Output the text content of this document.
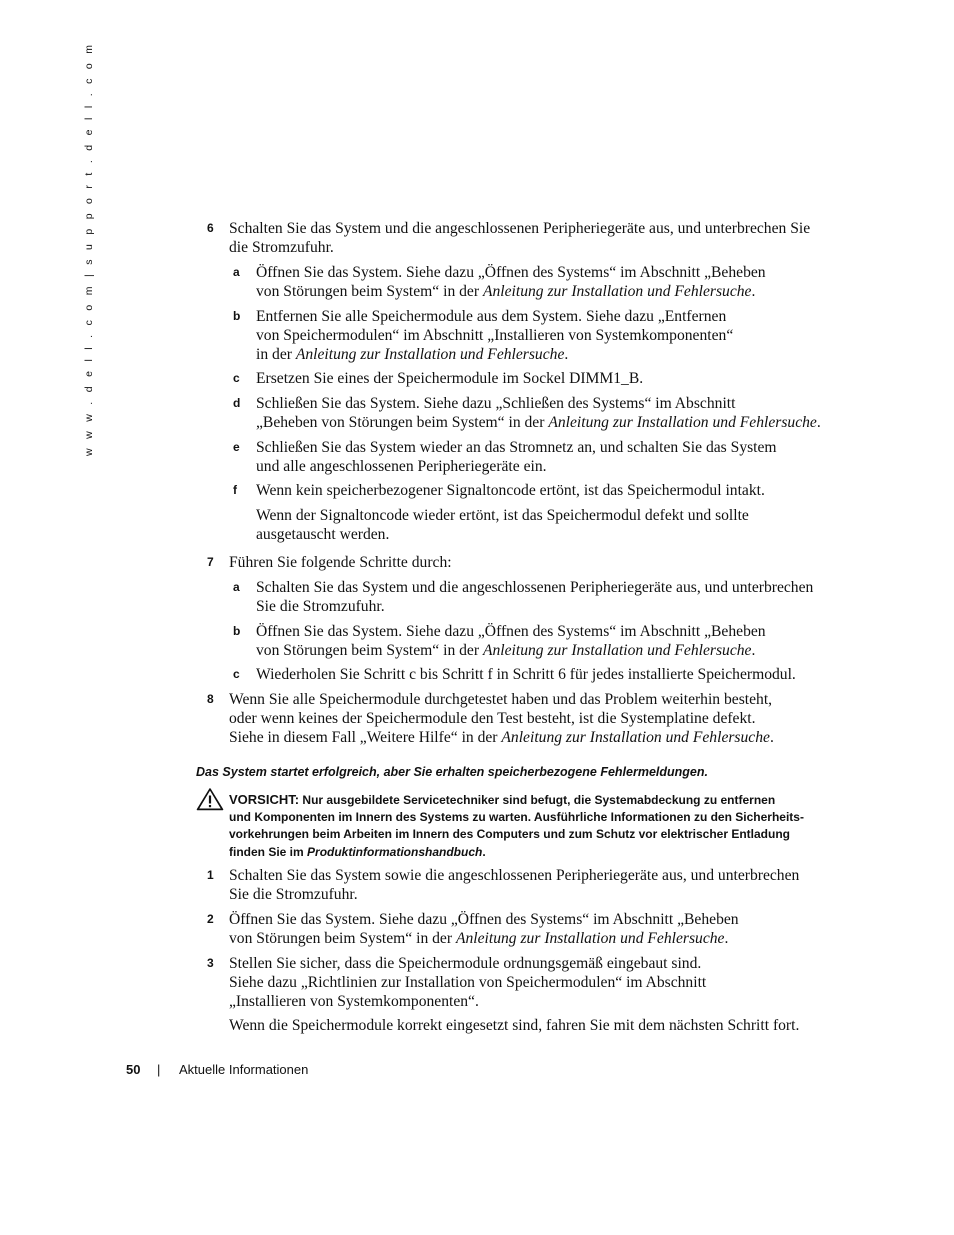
w w w . d e l l . c o m | s u p p o r t . d e l l . c o m	6 Schalten Sie das System und die angeschlossenen Peripheriegeräte aus, und unterbrechen Sie
die Stromzufuhr.
a Öffnen Sie das System. Siehe dazu „Öffnen des Systems“ im Abschnitt „Beheben
von Störungen beim System“ in der Anleitung zur Installation und Fehlersuche.
b Entfernen Sie alle Speichermodule aus dem System. Siehe dazu „Entfernen
von Speichermodulen“ im Abschnitt „Installieren von Systemkomponenten“
in der Anleitung zur Installation und Fehlersuche.
c Ersetzen Sie eines der Speichermodule im Sockel DIMM1_B.
d Schließen Sie das System. Siehe dazu „Schließen des Systems“ im Abschnitt
„Beheben von Störungen beim System“ in der Anleitung zur Installation und Fehlersuche.
e Schließen Sie das System wieder an das Stromnetz an, und schalten Sie das System
und alle angeschlossenen Peripheriegeräte ein.
f Wenn kein speicherbezogener Signaltoncode ertönt, ist das Speichermodul intakt.
Wenn der Signaltoncode wieder ertönt, ist das Speichermodul defekt und sollte
ausgetauscht werden.
7 Führen Sie folgende Schritte durch:
a Schalten Sie das System und die angeschlossenen Peripheriegeräte aus, und unterbrechen
Sie die Stromzufuhr.
b Öffnen Sie das System. Siehe dazu „Öffnen des Systems“ im Abschnitt „Beheben
von Störungen beim System“ in der Anleitung zur Installation und Fehlersuche.
c Wiederholen Sie Schritt c bis Schritt f in Schritt 6 für jedes installierte Speichermodul.
8 Wenn Sie alle Speichermodule durchgetestet haben und das Problem weiterhin besteht,
oder wenn keines der Speichermodule den Test besteht, ist die Systemplatine defekt.
Siehe in diesem Fall „Weitere Hilfe“ in der Anleitung zur Installation und Fehlersuche.
Das System startet erfolgreich, aber Sie erhalten speicherbezogene Fehlermeldungen.
VORSICHT: Nur ausgebildete Servicetechniker sind befugt, die Systemabdeckung zu entfernen
und Komponenten im Innern des Systems zu warten. Ausführliche Informationen zu den Sicherheits-
vorkehrungen beim Arbeiten im Innern des Computers und zum Schutz vor elektrischer Entladung
finden Sie im Produktinformationshandbuch.
1 Schalten Sie das System sowie die angeschlossenen Peripheriegeräte aus, und unterbrechen
Sie die Stromzufuhr.
2 Öffnen Sie das System. Siehe dazu „Öffnen des Systems“ im Abschnitt „Beheben
von Störungen beim System“ in der Anleitung zur Installation und Fehlersuche.
3 Stellen Sie sicher, dass die Speichermodule ordnungsgemäß eingebaut sind.
Siehe dazu „Richtlinien zur Installation von Speichermodulen“ im Abschnitt
„Installieren von Systemkomponenten“.
Wenn die Speichermodule korrekt eingesetzt sind, fahren Sie mit dem nächsten Schritt fort.
50 | Aktuelle Informationen
